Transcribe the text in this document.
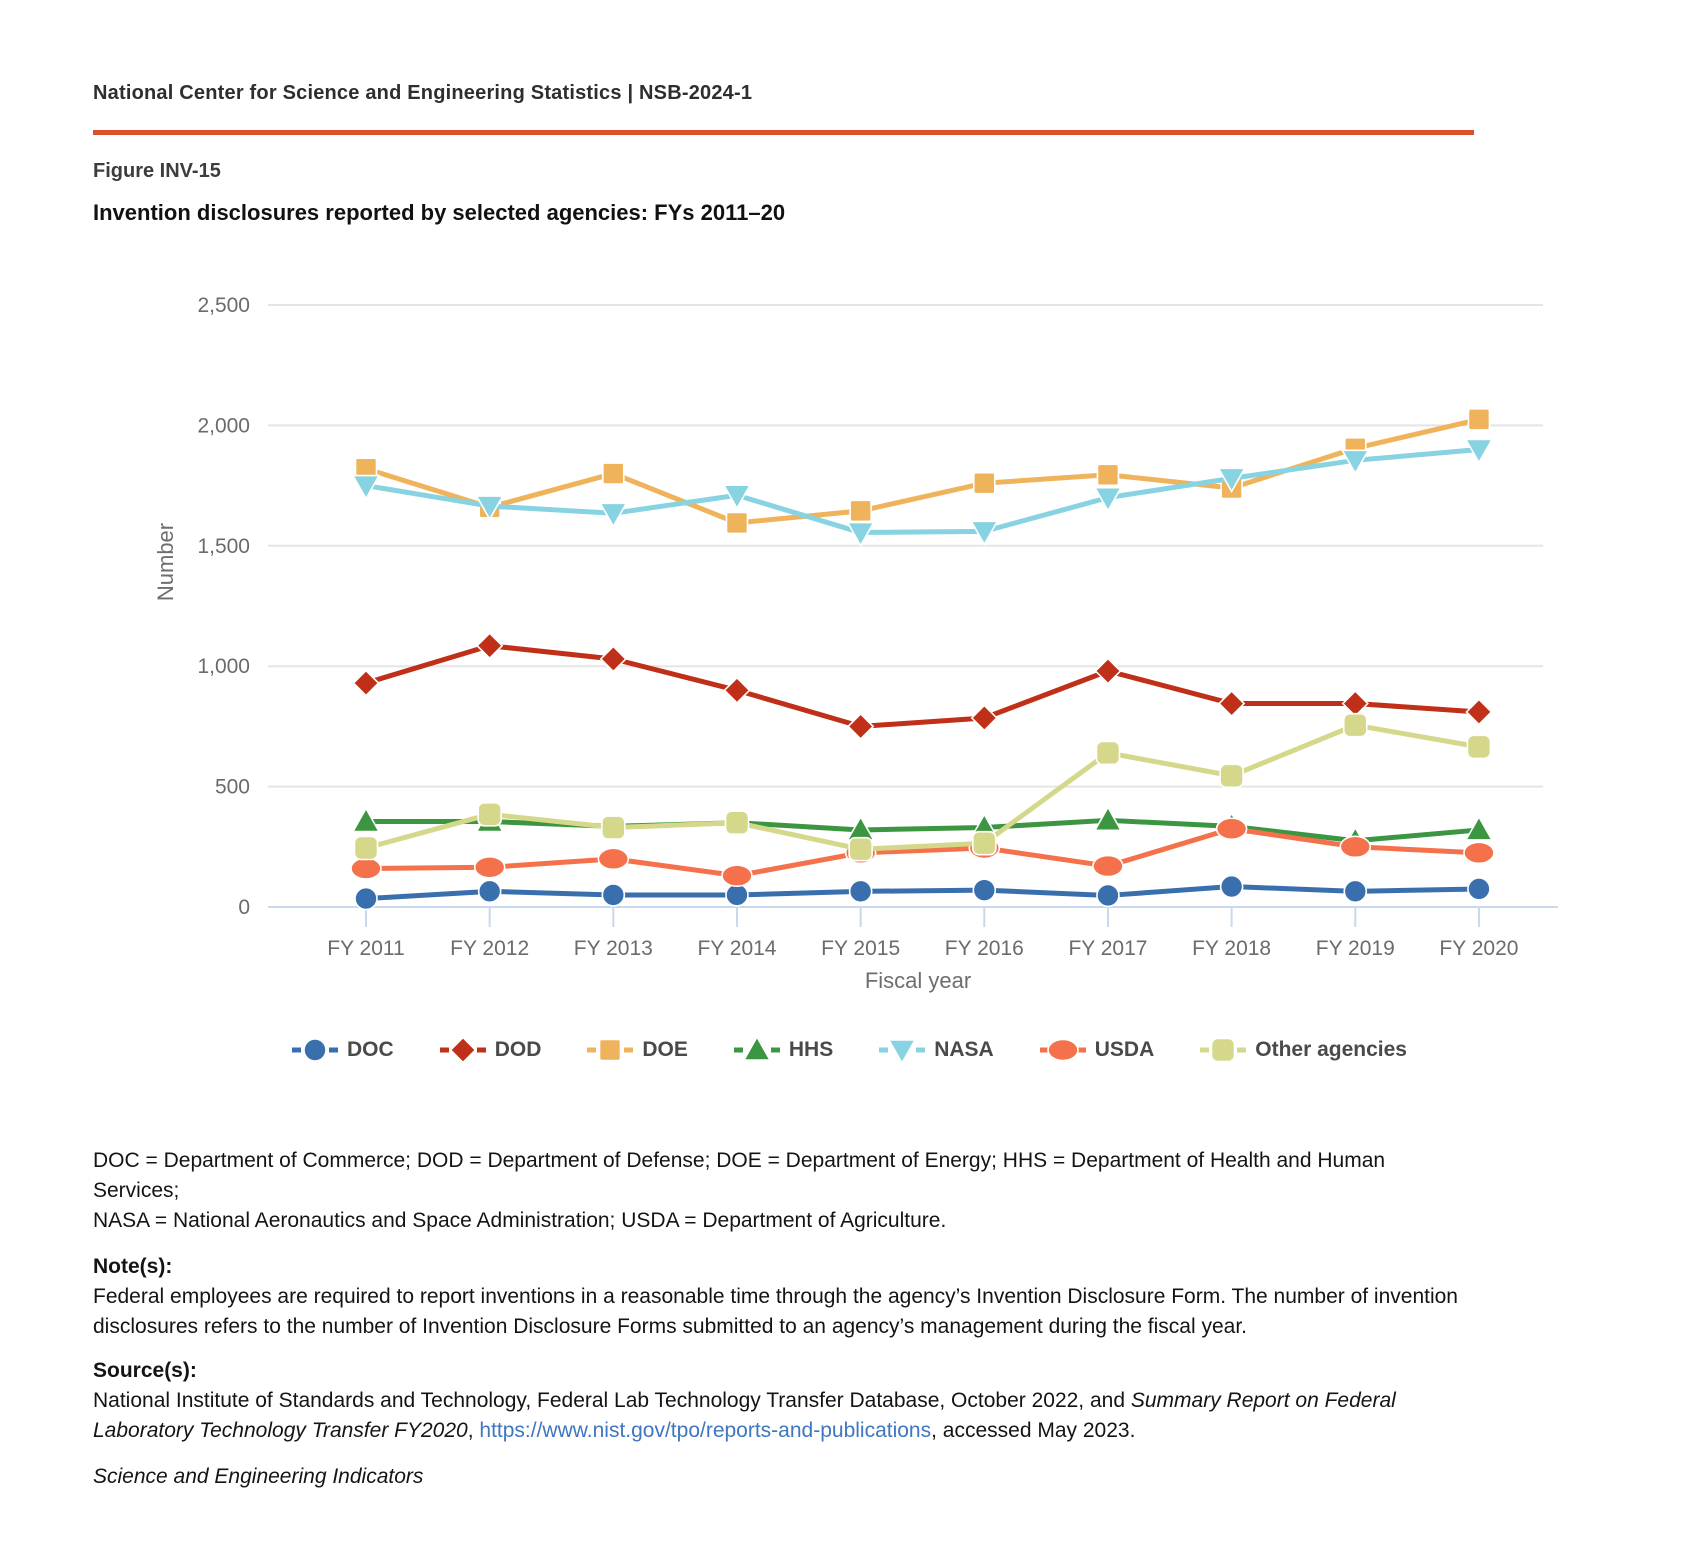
National Center for Science and Engineering Statistics | NSB-2024-1
Figure INV-15
Invention disclosures reported by selected agencies: FYs 2011–20
0
500
1,000
1,500
2,000
2,500
FY 2011 FY 2012 FY 2013 FY 2014 FY 2015 FY 2016 FY 2017 FY 2018 FY 2019 FY 2020
Number
Fiscal year
DOC	DOD	DOE	HHS	NASA	USDA	Other agencies
DOC = Department of Commerce; DOD = Department of Defense; DOE = Department of Energy; HHS = Department of Health and Human Services;
NASA = National Aeronautics and Space Administration; USDA = Department of Agriculture.
Note(s):
Federal employees are required to report inventions in a reasonable time through the agency’s Invention Disclosure Form. The number of invention
disclosures refers to the number of Invention Disclosure Forms submitted to an agency’s management during the fiscal year.
Source(s):
National Institute of Standards and Technology, Federal Lab Technology Transfer Database, October 2022, and Summary Report on Federal Laboratory Technology Transfer FY2020, https://www.nist.gov/tpo/reports-and-publications, accessed May 2023.
Science and Engineering Indicators
